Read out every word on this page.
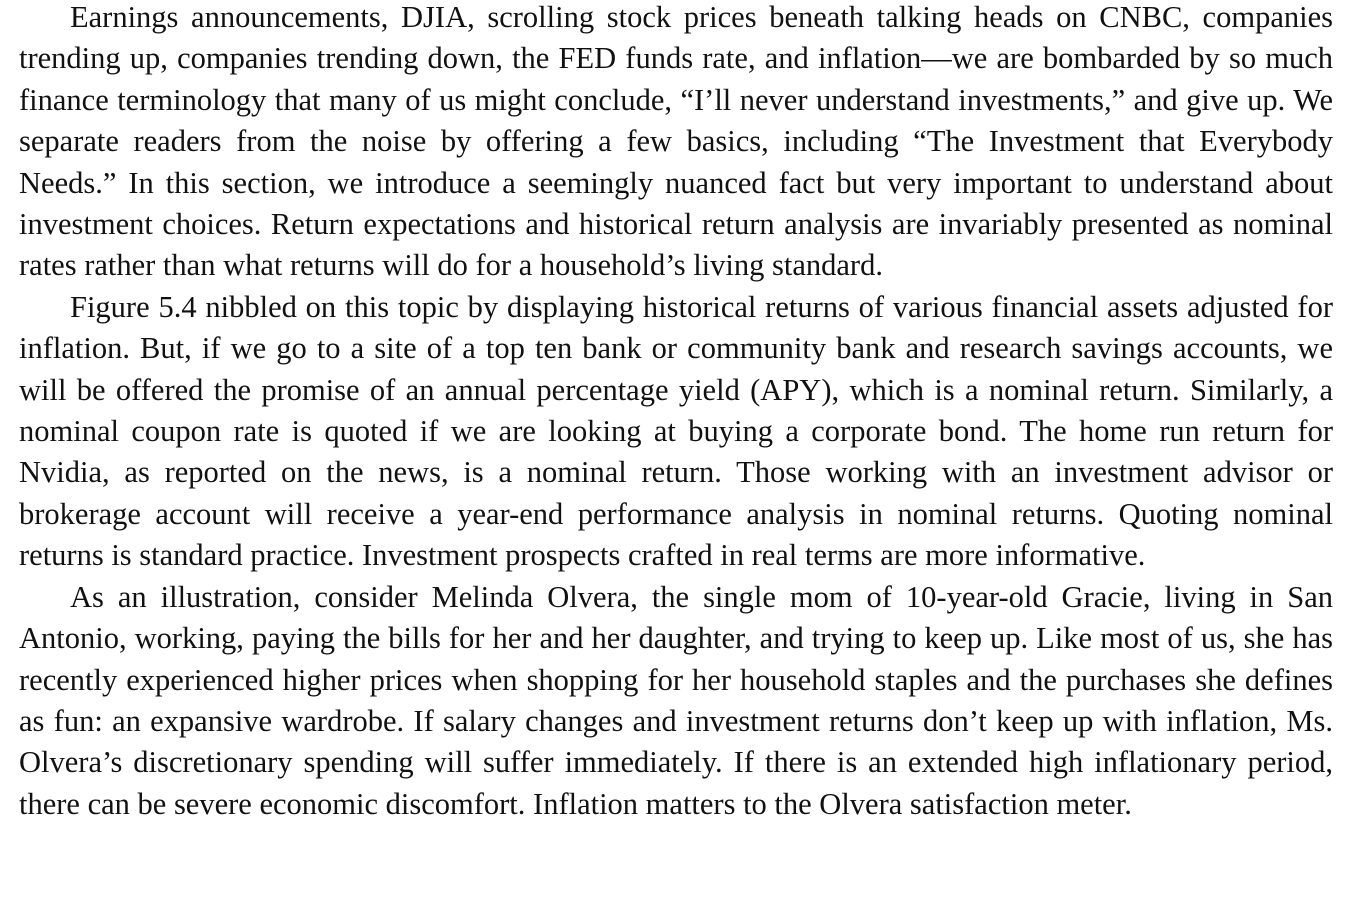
Earnings announcements, DJIA, scrolling stock prices beneath talking heads on CNBC, companies trending up, companies trending down, the FED funds rate, and inflation—we are bombarded by so much finance terminology that many of us might conclude, “I’ll never understand investments,” and give up. We separate readers from the noise by offering a few basics, including “The Investment that Everybody Needs.” In this section, we introduce a seemingly nuanced fact but very important to understand about investment choices. Return expectations and historical return analysis are invariably presented as nominal rates rather than what returns will do for a household’s living standard.

Figure 5.4 nibbled on this topic by displaying historical returns of various financial assets adjusted for inflation. But, if we go to a site of a top ten bank or community bank and research savings accounts, we will be offered the promise of an annual percentage yield (APY), which is a nominal return. Similarly, a nominal coupon rate is quoted if we are looking at buying a corporate bond. The home run return for Nvidia, as reported on the news, is a nominal return. Those working with an investment advisor or brokerage account will receive a year-end performance analysis in nominal returns. Quoting nominal returns is standard practice. Investment prospects crafted in real terms are more informative.

As an illustration, consider Melinda Olvera, the single mom of 10-year-old Gracie, living in San Antonio, working, paying the bills for her and her daughter, and trying to keep up. Like most of us, she has recently experienced higher prices when shopping for her household staples and the purchases she defines as fun: an expansive wardrobe. If salary changes and investment returns don’t keep up with inflation, Ms. Olvera’s discretionary spending will suffer immediately. If there is an extended high inflationary period, there can be severe economic discomfort. Inflation matters to the Olvera satisfaction meter.
